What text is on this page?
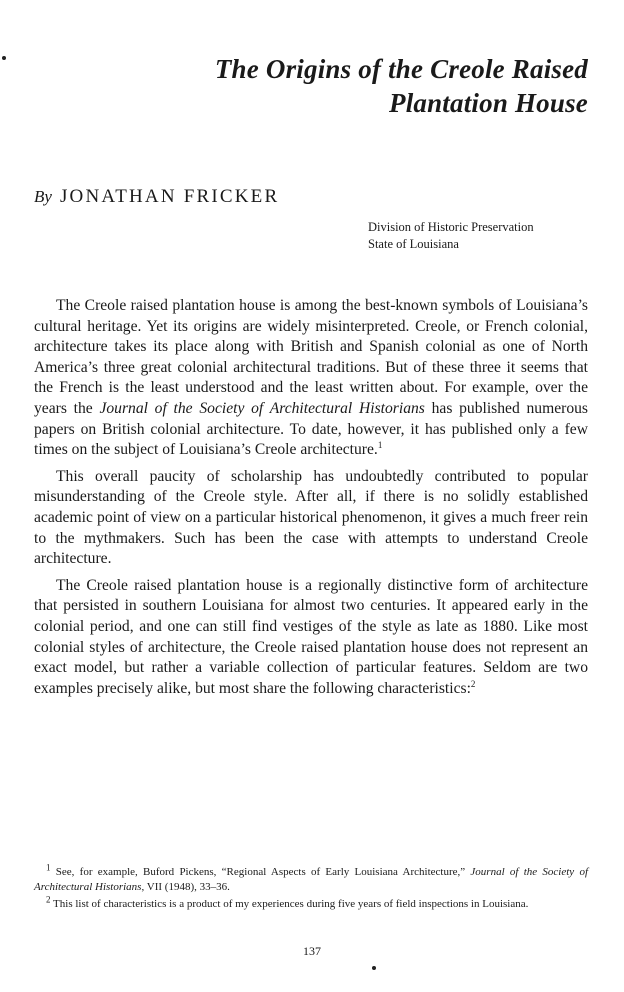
The Origins of the Creole Raised
Plantation House
By JONATHAN FRICKER
Division of Historic Preservation
State of Louisiana

The Creole raised plantation house is among the best-known symbols of Louisiana’s cultural heritage. Yet its origins are widely misinterpreted. Creole, or French colonial, architecture takes its place along with British and Spanish colonial as one of North America’s three great colonial architectural traditions. But of these three it seems that the French is the least understood and the least written about. For example, over the years the Journal of the Society of Architectural Historians has published numerous papers on British colonial architecture. To date, however, it has published only a few times on the subject of Louisiana’s Creole architecture.$^1$

This overall paucity of scholarship has undoubtedly contributed to popular misunderstanding of the Creole style. After all, if there is no solidly established academic point of view on a particular historical phenomenon, it gives a much freer rein to the mythmakers. Such has been the case with attempts to understand Creole architecture.

The Creole raised plantation house is a regionally distinctive form of architecture that persisted in southern Louisiana for almost two centuries. It appeared early in the colonial period, and one can still find vestiges of the style as late as 1880. Like most colonial styles of architecture, the Creole raised plantation house does not represent an exact model, but rather a variable collection of particular features. Seldom are two examples precisely alike, but most share the following characteristics:$^2$

$^1$ See, for example, Buford Pickens, “Regional Aspects of Early Louisiana Architecture,” Journal of the Society of Architectural Historians, VII (1948), 33–36.

$^2$ This list of characteristics is a product of my experiences during five years of field inspections in Louisiana.

137
